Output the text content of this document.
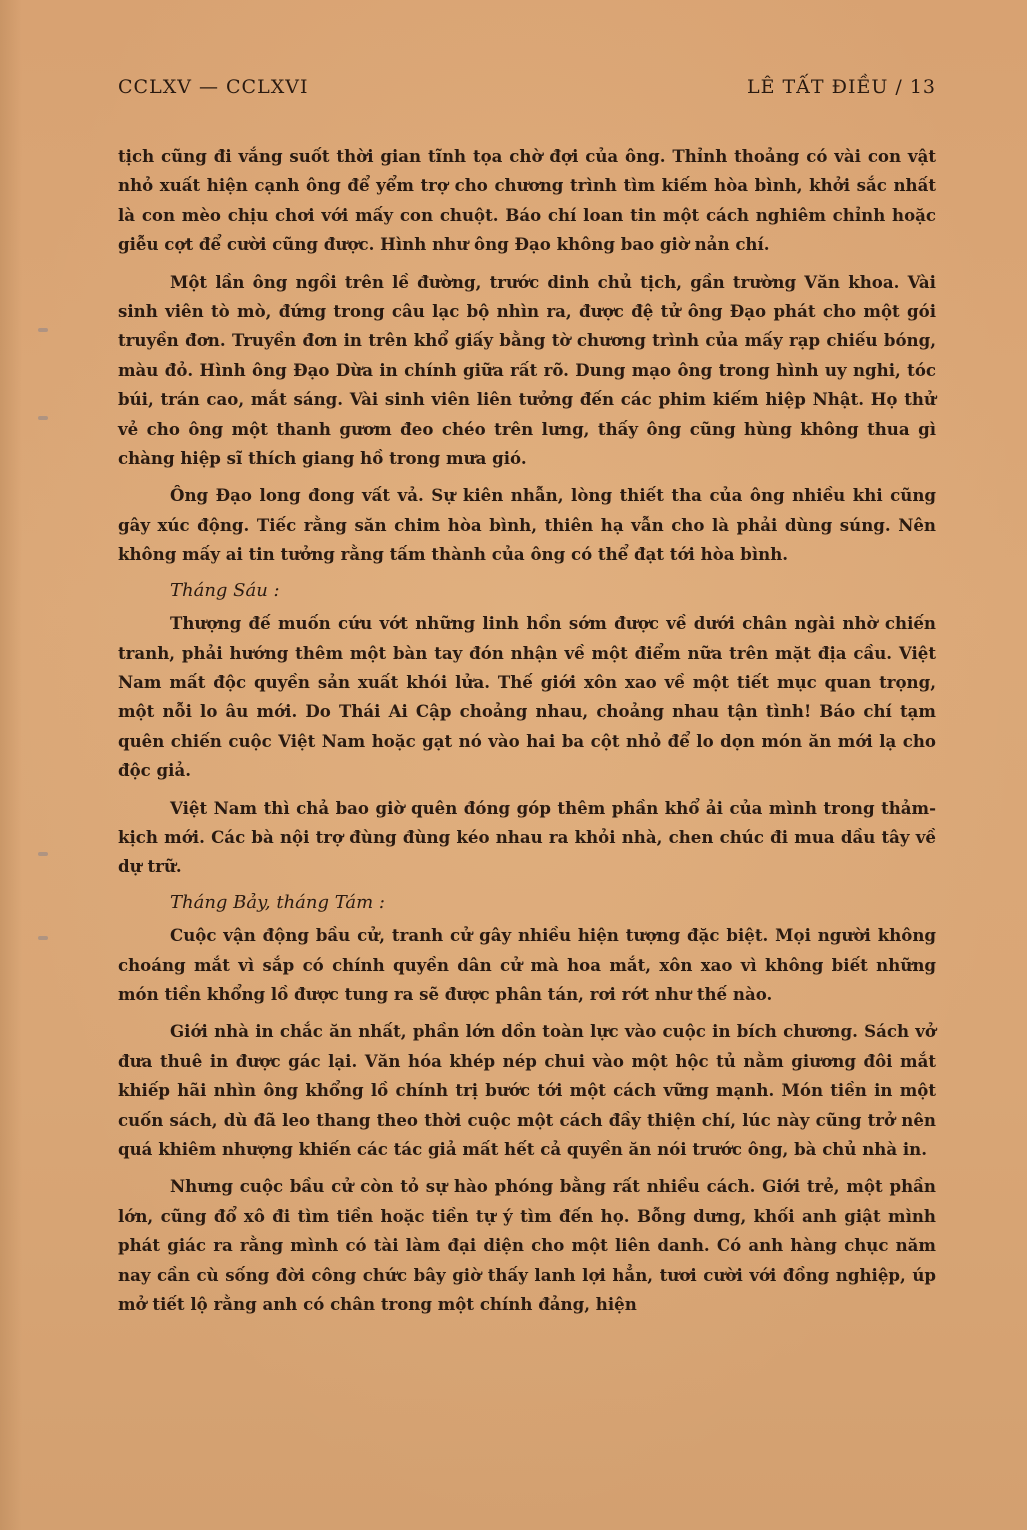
CCLXV — CCLXVI	LÊ TẤT ĐIỀU / 13

tịch cũng đi vắng suốt thời gian tĩnh tọa chờ đợi của ông. Thỉnh thoảng có vài con vật nhỏ xuất hiện cạnh ông để yểm trợ cho chương trình tìm kiếm hòa bình, khởi sắc nhất là con mèo chịu chơi với mấy con chuột. Báo chí loan tin một cách nghiêm chỉnh hoặc giễu cợt để cười cũng được. Hình như ông Đạo không bao giờ nản chí.

Một lần ông ngồi trên lề đường, trước dinh chủ tịch, gần trường Văn khoa. Vài sinh viên tò mò, đứng trong câu lạc bộ nhìn ra, được đệ tử ông Đạo phát cho một gói truyền đơn. Truyền đơn in trên khổ giấy bằng tờ chương trình của mấy rạp chiếu bóng, màu đỏ. Hình ông Đạo Dừa in chính giữa rất rõ. Dung mạo ông trong hình uy nghi, tóc búi, trán cao, mắt sáng. Vài sinh viên liên tưởng đến các phim kiếm hiệp Nhật. Họ thử vẻ cho ông một thanh gươm đeo chéo trên lưng, thấy ông cũng hùng không thua gì chàng hiệp sĩ thích giang hồ trong mưa gió.

Ông Đạo long đong vất vả. Sự kiên nhẫn, lòng thiết tha của ông nhiều khi cũng gây xúc động. Tiếc rằng săn chim hòa bình, thiên hạ vẫn cho là phải dùng súng. Nên không mấy ai tin tưởng rằng tấm thành của ông có thể đạt tới hòa bình.

Tháng Sáu :

Thượng đế muốn cứu vớt những linh hồn sớm được về dưới chân ngài nhờ chiến tranh, phải hướng thêm một bàn tay đón nhận về một điểm nữa trên mặt địa cầu. Việt Nam mất độc quyền sản xuất khói lửa. Thế giới xôn xao về một tiết mục quan trọng, một nỗi lo âu mới. Do Thái Ai Cập choảng nhau, choảng nhau tận tình! Báo chí tạm quên chiến cuộc Việt Nam hoặc gạt nó vào hai ba cột nhỏ để lo dọn món ăn mới lạ cho độc giả.

Việt Nam thì chả bao giờ quên đóng góp thêm phần khổ ải của mình trong thảm-kịch mới. Các bà nội trợ đùng đùng kéo nhau ra khỏi nhà, chen chúc đi mua dầu tây về dự trữ.

Tháng Bảy, tháng Tám :

Cuộc vận động bầu cử, tranh cử gây nhiều hiện tượng đặc biệt. Mọi người không choáng mắt vì sắp có chính quyền dân cử mà hoa mắt, xôn xao vì không biết những món tiền khổng lồ được tung ra sẽ được phân tán, rơi rớt như thế nào.

Giới nhà in chắc ăn nhất, phần lớn dồn toàn lực vào cuộc in bích chương. Sách vở đưa thuê in được gác lại. Văn hóa khép nép chui vào một hộc tủ nằm giương đôi mắt khiếp hãi nhìn ông khổng lồ chính trị bước tới một cách vững mạnh. Món tiền in một cuốn sách, dù đã leo thang theo thời cuộc một cách đầy thiện chí, lúc này cũng trở nên quá khiêm nhượng khiến các tác giả mất hết cả quyền ăn nói trước ông, bà chủ nhà in.

Nhưng cuộc bầu cử còn tỏ sự hào phóng bằng rất nhiều cách. Giới trẻ, một phần lớn, cũng đổ xô đi tìm tiền hoặc tiền tự ý tìm đến họ. Bỗng dưng, khối anh giật mình phát giác ra rằng mình có tài làm đại diện cho một liên danh. Có anh hàng chục năm nay cần cù sống đời công chức bây giờ thấy lanh lợi hẳn, tươi cười với đồng nghiệp, úp mở tiết lộ rằng anh có chân trong một chính đảng, hiện
